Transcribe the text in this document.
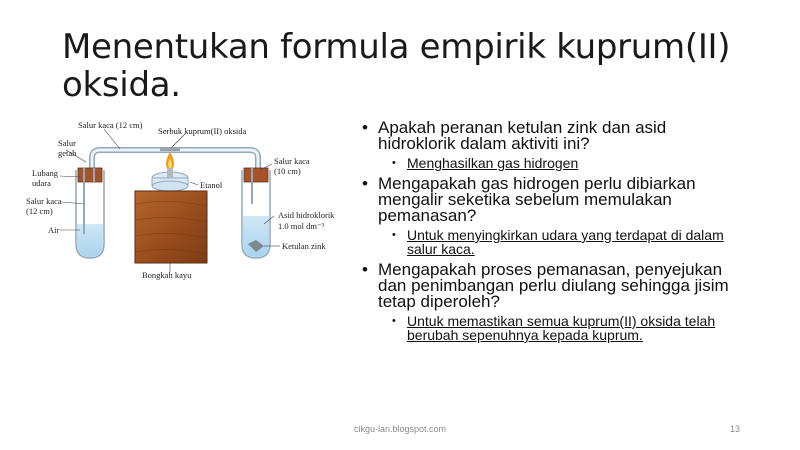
Menentukan formula empirik kuprum(II) oksida.
Salur kaca (12 cm)
Serbuk kuprum(II) oksida
Salur
getah
Lubang
udara
Salur kaca
(12 cm)
Air
Etanol
Salur kaca
(10 cm)
Asid hidroklorik
1.0 mol dm⁻³
Ketulan zink
Bongkah kayu
• Apakah peranan ketulan zink dan asid hidroklorik dalam aktiviti ini?
• Menghasilkan gas hidrogen
• Mengapakah gas hidrogen perlu dibiarkan mengalir seketika sebelum memulakan pemanasan?
• Untuk menyingkirkan udara yang terdapat di dalam salur kaca.
• Mengapakah proses pemanasan, penyejukan dan penimbangan perlu diulang sehingga jisim tetap diperoleh?
• Untuk memastikan semua kuprum(II) oksida telah berubah sepenuhnya kepada kuprum.
cikgu-lan.blogspot.com	13
